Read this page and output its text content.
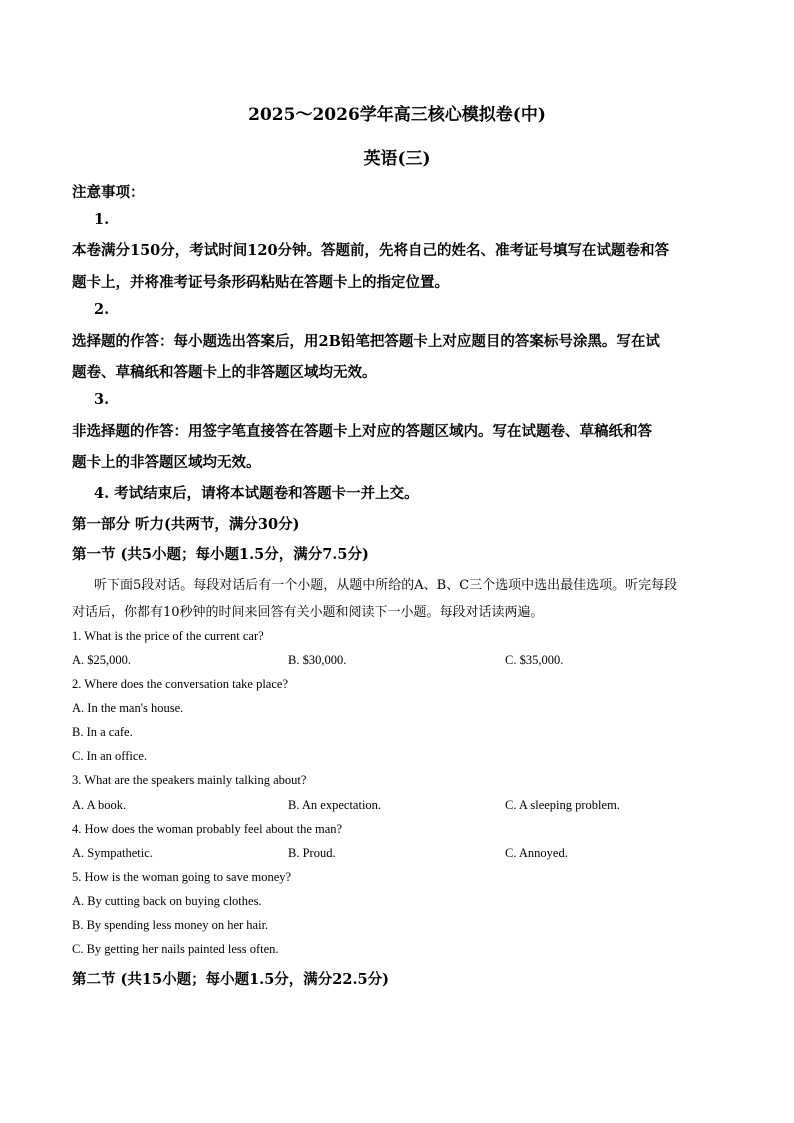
2025～2026学年高三核心模拟卷(中)
英语(三)
注意事项：
1.
本卷满分150分，考试时间120分钟。答题前，先将自己的姓名、准考证号填写在试题卷和答
题卡上，并将准考证号条形码粘贴在答题卡上的指定位置。
2.
选择题的作答：每小题选出答案后，用2B铅笔把答题卡上对应题目的答案标号涂黑。写在试
题卷、草稿纸和答题卡上的非答题区域均无效。
3.
非选择题的作答：用签字笔直接答在答题卡上对应的答题区域内。写在试题卷、草稿纸和答
题卡上的非答题区域均无效。
4. 考试结束后，请将本试题卷和答题卡一并上交。
第一部分 听力(共两节，满分30分)
第一节 (共5小题；每小题1.5分，满分7.5分)
听下面5段对话。每段对话后有一个小题，从题中所给的A、B、C三个选项中选出最佳选项。听完每段
对话后，你都有10秒钟的时间来回答有关小题和阅读下一小题。每段对话读两遍。
1. What is the price of the current car?
A. $25,000.	B. $30,000.	C. $35,000.
2. Where does the conversation take place?
A. In the man's house.
B. In a cafe.
C. In an office.
3. What are the speakers mainly talking about?
A. A book.	B. An expectation.	C. A sleeping problem.
4. How does the woman probably feel about the man?
A. Sympathetic.	B. Proud.	C. Annoyed.
5. How is the woman going to save money?
A. By cutting back on buying clothes.
B. By spending less money on her hair.
C. By getting her nails painted less often.
第二节 (共15小题；每小题1.5分，满分22.5分)
